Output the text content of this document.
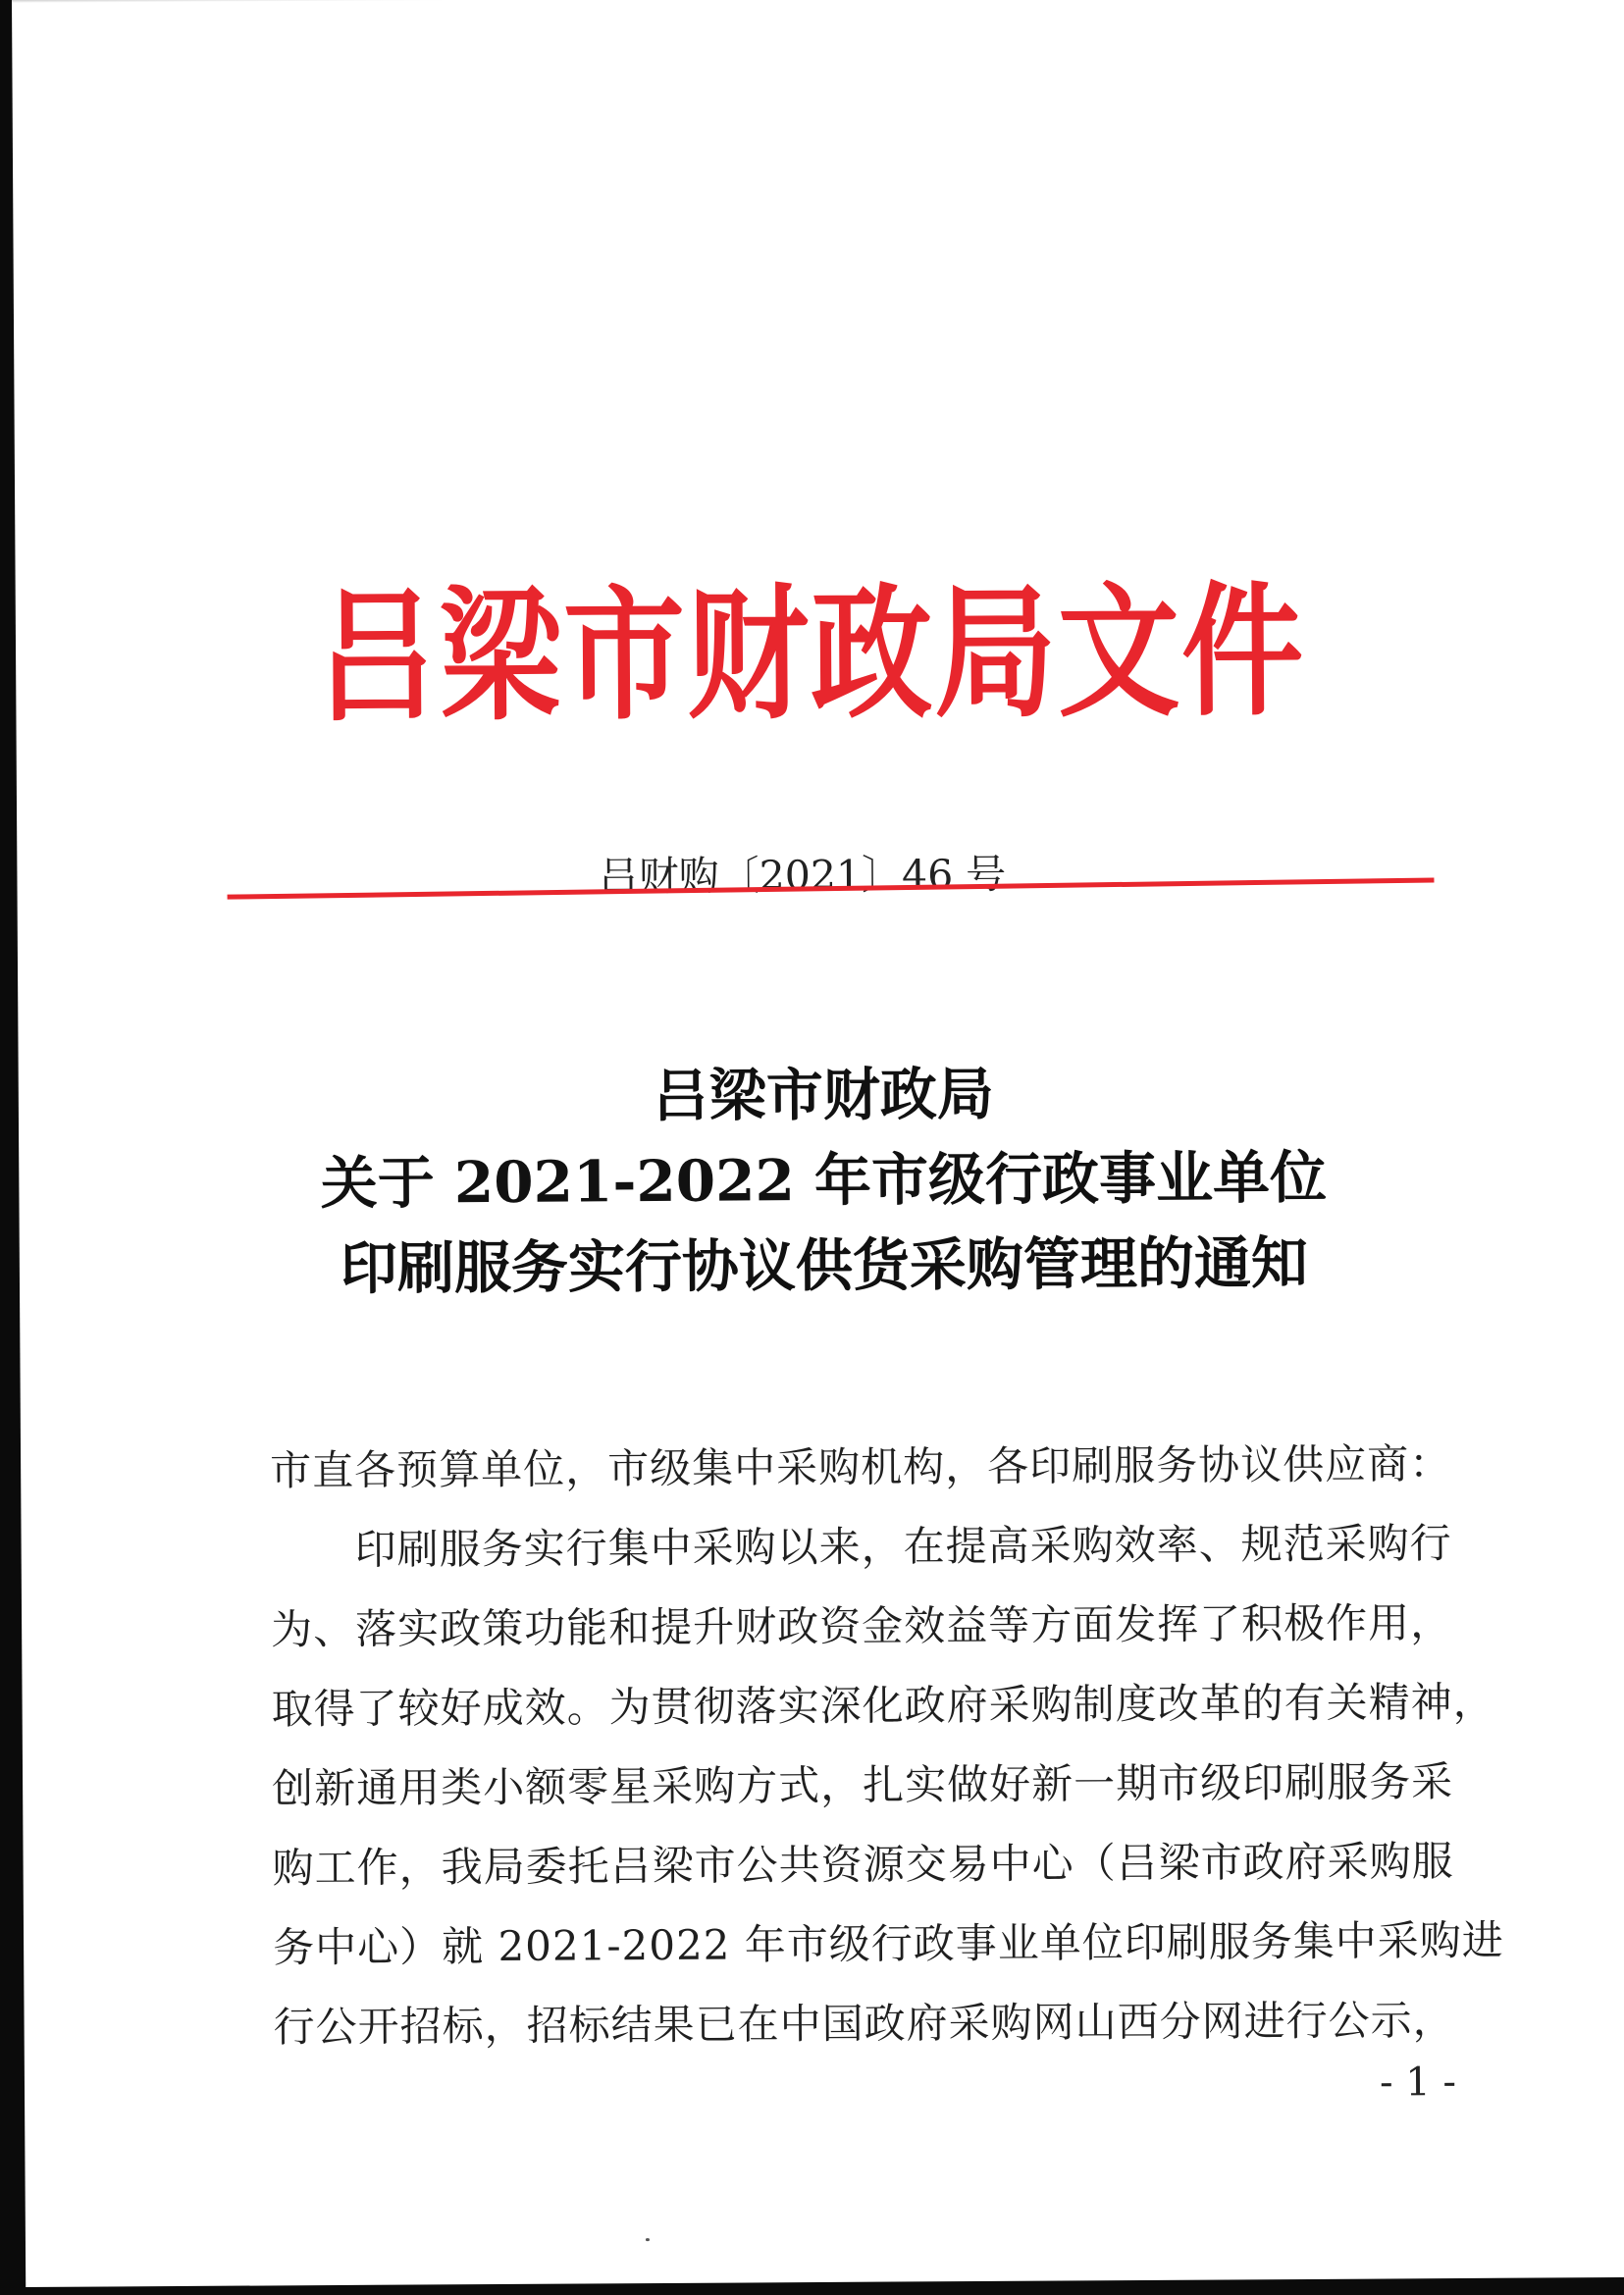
吕梁市财政局文件
吕财购〔2021〕46 号
吕梁市财政局
关于 2021-2022 年市级行政事业单位
印刷服务实行协议供货采购管理的通知
市直各预算单位，市级集中采购机构，各印刷服务协议供应商：
印刷服务实行集中采购以来，在提高采购效率、规范采购行
为、落实政策功能和提升财政资金效益等方面发挥了积极作用，
取得了较好成效。为贯彻落实深化政府采购制度改革的有关精神，
创新通用类小额零星采购方式，扎实做好新一期市级印刷服务采
购工作，我局委托吕梁市公共资源交易中心（吕梁市政府采购服
务中心）就 2021-2022 年市级行政事业单位印刷服务集中采购进
行公开招标，招标结果已在中国政府采购网山西分网进行公示，
- 1 -
